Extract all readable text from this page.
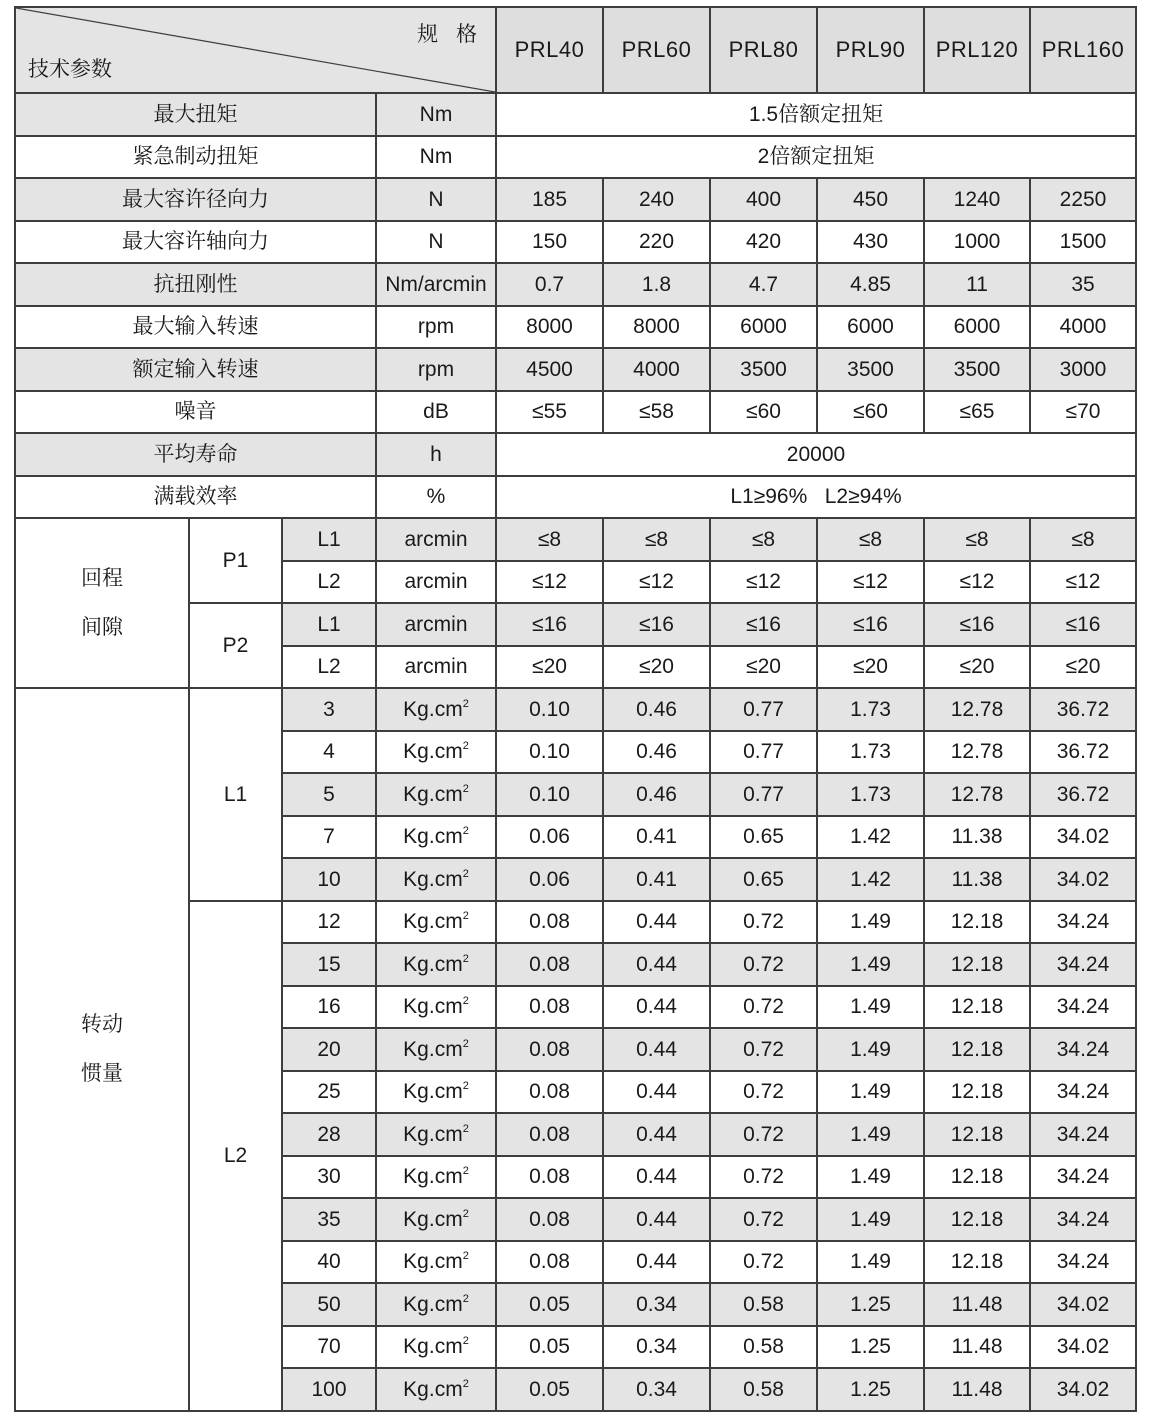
规 格
技术参数				PRL40	PRL60	PRL80	PRL90	PRL120	PRL160
最大扭矩			Nm	1.5倍额定扭矩					
紧急制动扭矩			Nm	2倍额定扭矩					
最大容许径向力			N	185	240	400	450	1240	2250
最大容许轴向力			N	150	220	420	430	1000	1500
抗扭刚性			Nm/arcmin	0.7	1.8	4.7	4.85	11	35
最大输入转速			rpm	8000	8000	6000	6000	6000	4000
额定输入转速			rpm	4500	4000	3500	3500	3500	3000
噪音			dB	≤55	≤58	≤60	≤60	≤65	≤70
平均寿命			h	20000					
满载效率			%	L1≥96%   L2≥94%					

回程
间隙	P1	L1	arcmin	≤8	≤8	≤8	≤8	≤8	≤8
		L2	arcmin	≤12	≤12	≤12	≤12	≤12	≤12
	P2	L1	arcmin	≤16	≤16	≤16	≤16	≤16	≤16
		L2	arcmin	≤20	≤20	≤20	≤20	≤20	≤20

转动
惯量	L1	3	$Kg.cm^2$	0.10	0.46	0.77	1.73	12.78	36.72
		4	$Kg.cm^2$	0.10	0.46	0.77	1.73	12.78	36.72
		5	$Kg.cm^2$	0.10	0.46	0.77	1.73	12.78	36.72
		7	$Kg.cm^2$	0.06	0.41	0.65	1.42	11.38	34.02
		10	$Kg.cm^2$	0.06	0.41	0.65	1.42	11.38	34.02
	L2	12	$Kg.cm^2$	0.08	0.44	0.72	1.49	12.18	34.24
		15	$Kg.cm^2$	0.08	0.44	0.72	1.49	12.18	34.24
		16	$Kg.cm^2$	0.08	0.44	0.72	1.49	12.18	34.24
		20	$Kg.cm^2$	0.08	0.44	0.72	1.49	12.18	34.24
		25	$Kg.cm^2$	0.08	0.44	0.72	1.49	12.18	34.24
		28	$Kg.cm^2$	0.08	0.44	0.72	1.49	12.18	34.24
		30	$Kg.cm^2$	0.08	0.44	0.72	1.49	12.18	34.24
		35	$Kg.cm^2$	0.08	0.44	0.72	1.49	12.18	34.24
		40	$Kg.cm^2$	0.08	0.44	0.72	1.49	12.18	34.24
		50	$Kg.cm^2$	0.05	0.34	0.58	1.25	11.48	34.02
		70	$Kg.cm^2$	0.05	0.34	0.58	1.25	11.48	34.02
		100	$Kg.cm^2$	0.05	0.34	0.58	1.25	11.48	34.02
